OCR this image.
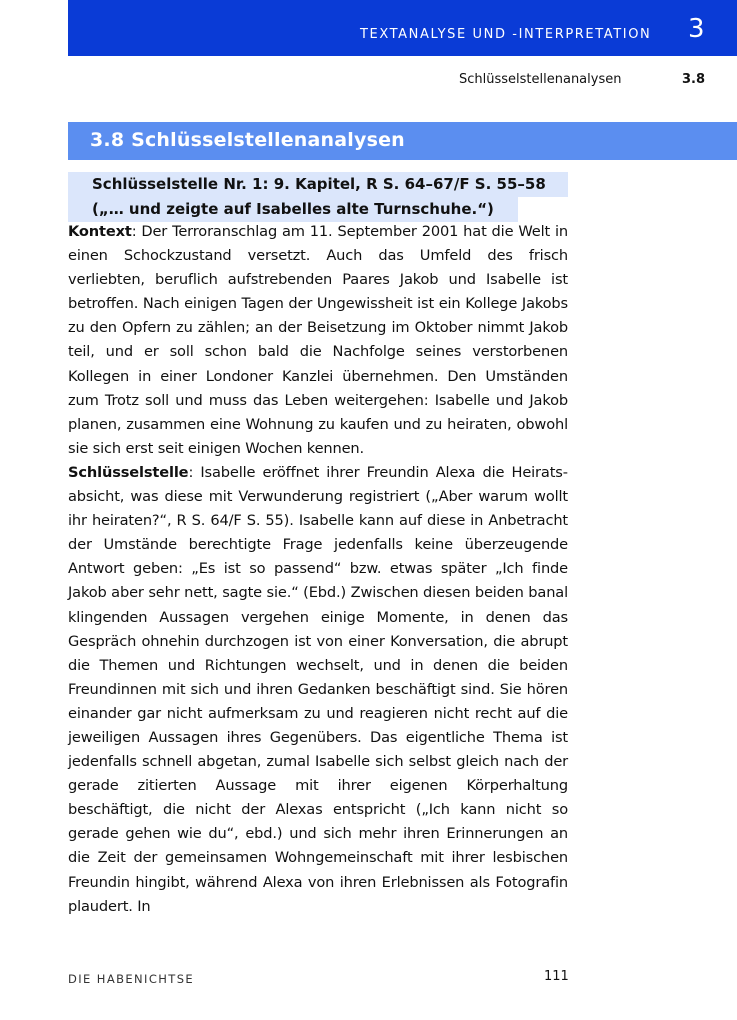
TEXTANALYSE UND -INTERPRETATION 3
Schlüsselstellenanalysen	3.8
3.8 Schlüsselstellenanalysen
Schlüsselstelle Nr. 1: 9. Kapitel, R S. 64–67/F S. 55–58
(„… und zeigte auf Isabelles alte Turnschuhe.“)

Kontext: Der Terroranschlag am 11. September 2001 hat die Welt in einen Schockzustand versetzt. Auch das Umfeld des frisch verliebten, beruflich aufstrebenden Paares Jakob und Isabelle ist betroffen. Nach einigen Tagen der Ungewissheit ist ein Kollege Jakobs zu den Opfern zu zählen; an der Beisetzung im Oktober nimmt Jakob teil, und er soll schon bald die Nachfolge seines verstorbenen Kollegen in einer Londoner Kanzlei übernehmen. Den Umständen zum Trotz soll und muss das Leben weitergehen: Isabelle und Jakob planen, zusammen eine Wohnung zu kaufen und zu heiraten, obwohl sie sich erst seit einigen Wochen kennen.

Schlüsselstelle: Isabelle eröffnet ihrer Freundin Alexa die Heiratsabsicht, was diese mit Verwunderung registriert („Aber warum wollt ihr heiraten?“, R S. 64/F S. 55). Isabelle kann auf diese in Anbetracht der Umstände berechtigte Frage jedenfalls keine überzeugende Antwort geben: „Es ist so passend“ bzw. etwas später „Ich finde Jakob aber sehr nett, sagte sie.“ (Ebd.) Zwischen diesen beiden banal klingenden Aussagen vergehen einige Momente, in denen das Gespräch ohnehin durchzogen ist von einer Konversation, die abrupt die Themen und Richtungen wechselt, und in denen die beiden Freundinnen mit sich und ihren Gedanken beschäftigt sind. Sie hören einander gar nicht aufmerksam zu und reagieren nicht recht auf die jeweiligen Aussagen ihres Gegenübers. Das eigentliche Thema ist jedenfalls schnell abgetan, zumal Isabelle sich selbst gleich nach der gerade zitierten Aussage mit ihrer eigenen Körperhaltung beschäftigt, die nicht der Alexas entspricht („Ich kann nicht so gerade gehen wie du“, ebd.) und sich mehr ihren Erinnerungen an die Zeit der gemeinsamen Wohngemeinschaft mit ihrer lesbischen Freundin hingibt, während Alexa von ihren Erlebnissen als Fotografin plaudert. In

DIE HABENICHTSE	111
